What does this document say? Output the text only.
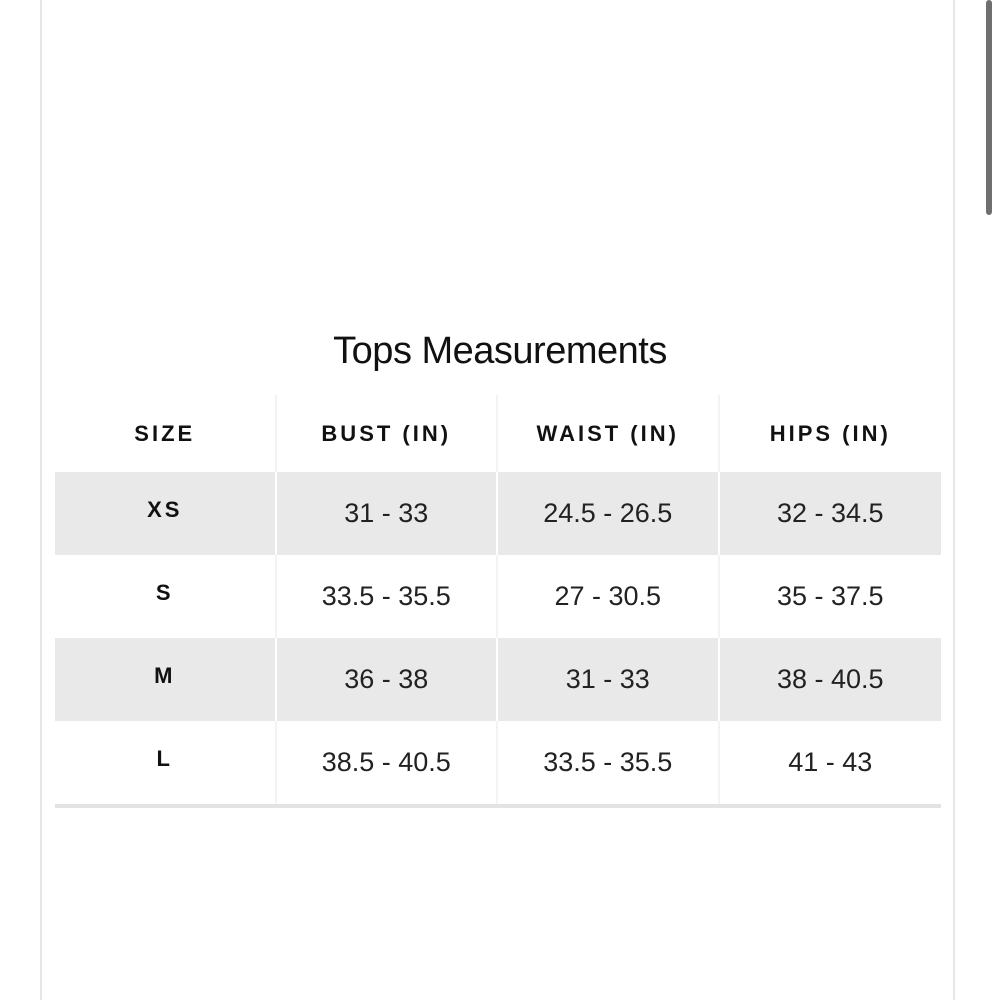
Tops Measurements
SIZE	BUST (IN)	WAIST (IN)	HIPS (IN)
XS	31 - 33	24.5 - 26.5	32 - 34.5
S	33.5 - 35.5	27 - 30.5	35 - 37.5
M	36 - 38	31 - 33	38 - 40.5
L	38.5 - 40.5	33.5 - 35.5	41 - 43
